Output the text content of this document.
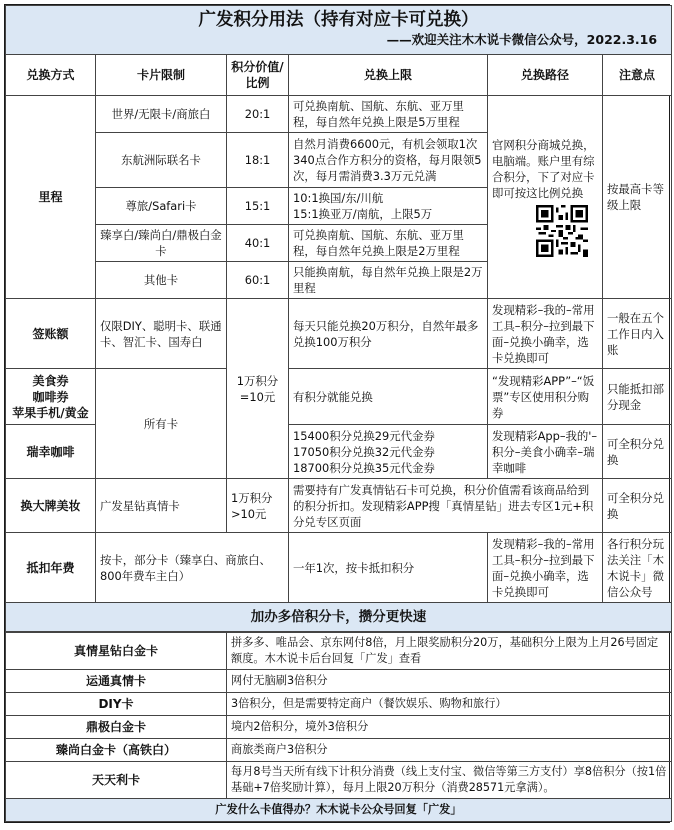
广发积分用法（持有对应卡可兑换）					
——欢迎关注木木说卡微信公众号，2022.3.16					
兑换方式	卡片限制	积分价值/比例	兑换上限	兑换路径	注意点
里程	世界/无限卡/商旅白	20:1	可兑换南航、国航、东航、亚万里程，每自然年兑换上限是5万里程	官网积分商城兑换，电脑端。账户里有综合积分，下了对应卡即可按这比例兑换	按最高卡等级上限
	东航洲际联名卡	18:1	自然月消费6600元，有机会领取1次340点合作方积分的资格，每月限领5次，每月需消费3.3万元兑满		
	尊旅/Safari卡	15:1	10:1换国/东/川航
15:1换亚万/南航，上限5万		
	臻享白/臻尚白/鼎极白金卡	40:1	可兑换南航、国航、东航、亚万里程，每自然年兑换上限是2万里程		
	其他卡	60:1	只能换南航，每自然年兑换上限是2万里程		
签账额	仅限DIY、聪明卡、联通卡、智汇卡、国寿白	1万积分=10元	每天只能兑换20万积分，自然年最多兑换100万积分	发现精彩–我的–常用工具–积分–拉到最下面–兑换小确幸，选卡兑换即可	一般在五个工作日内入账
美食券
咖啡券
苹果手机/黄金	所有卡		有积分就能兑换	“发现精彩APP”–“饭票”专区使用积分购券	只能抵扣部分现金
瑞幸咖啡			15400积分兑换29元代金券
17050积分兑换32元代金券
18700积分兑换35元代金券	发现精彩App–我的'–积分–美食小确幸–瑞幸咖啡	可全积分兑换
换大牌美妆	广发星钻真情卡	1万积分>10元	需要持有广发真情钻石卡可兑换，积分价值需看该商品给到的积分折扣。发现精彩APP搜「真情星钻」进去专区1元+积分兑专区页面		可全积分兑换
抵扣年费	按卡，部分卡（臻享白、商旅白、800年费车主白）		一年1次，按卡抵扣积分	发现精彩–我的–常用工具–积分–拉到最下面–兑换小确幸，选卡兑换即可	各行积分玩法关注「木木说卡」微信公众号
加办多倍积分卡，攒分更快速					
真情星钻白金卡	拼多多、唯品会、京东网付8倍，月上限奖励积分20万，基础积分上限为上月26号固定额度。木木说卡后台回复「广发」查看
运通真情卡	网付无脑刷3倍积分
DIY卡	3倍积分，但是需要特定商户（餐饮娱乐、购物和旅行）
鼎极白金卡	境内2倍积分，境外3倍积分
臻尚白金卡（高铁白）	商旅类商户3倍积分
天天利卡	每月8号当天所有线下计积分消费（线上支付宝、微信等第三方支付）享8倍积分（按1倍基础+7倍奖励计算），每月上限20万积分（消费28571元拿满）。
广发什么卡值得办？木木说卡公众号回复「广发」	
